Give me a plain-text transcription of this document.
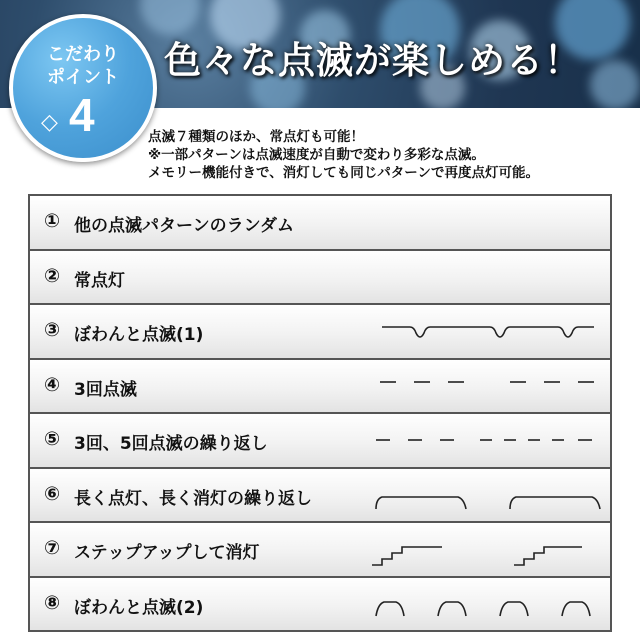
色々な点滅が楽しめる！
こだわり
ポイント
◇ 4	点滅７種類のほか、常点灯も可能！
※一部パターンは点滅速度が自動で変わり多彩な点滅。
メモリー機能付きで、消灯しても同じパターンで再度点灯可能。
① 他の点滅パターンのランダム
② 常点灯
③ ぼわんと点滅(1)
④ 3回点滅
⑤ 3回、5回点滅の繰り返し
⑥ 長く点灯、長く消灯の繰り返し
⑦ ステップアップして消灯
⑧ ぼわんと点滅(2)
